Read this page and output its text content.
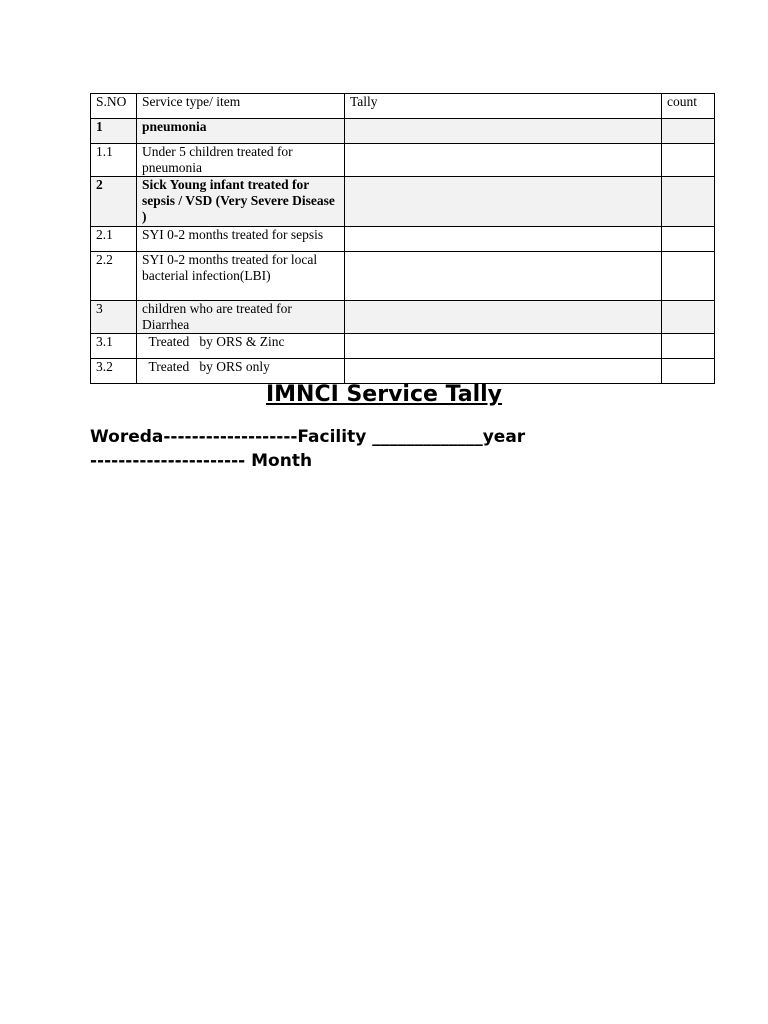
S.NO	Service type/ item	Tally	count
1	pneumonia		
1.1	Under 5 children treated for pneumonia		
2	Sick Young infant treated for sepsis / VSD (Very Severe Disease )		
2.1	SYI 0-2 months treated for sepsis		
2.2	SYI 0-2 months treated for local bacterial infection(LBI)		
3	children who are treated for Diarrhea		
3.1	Treated   by ORS & Zinc		
3.2	Treated   by ORS only		
IMNCI Service Tally
Woreda-------------------Facility _____________year
---------------------- Month
